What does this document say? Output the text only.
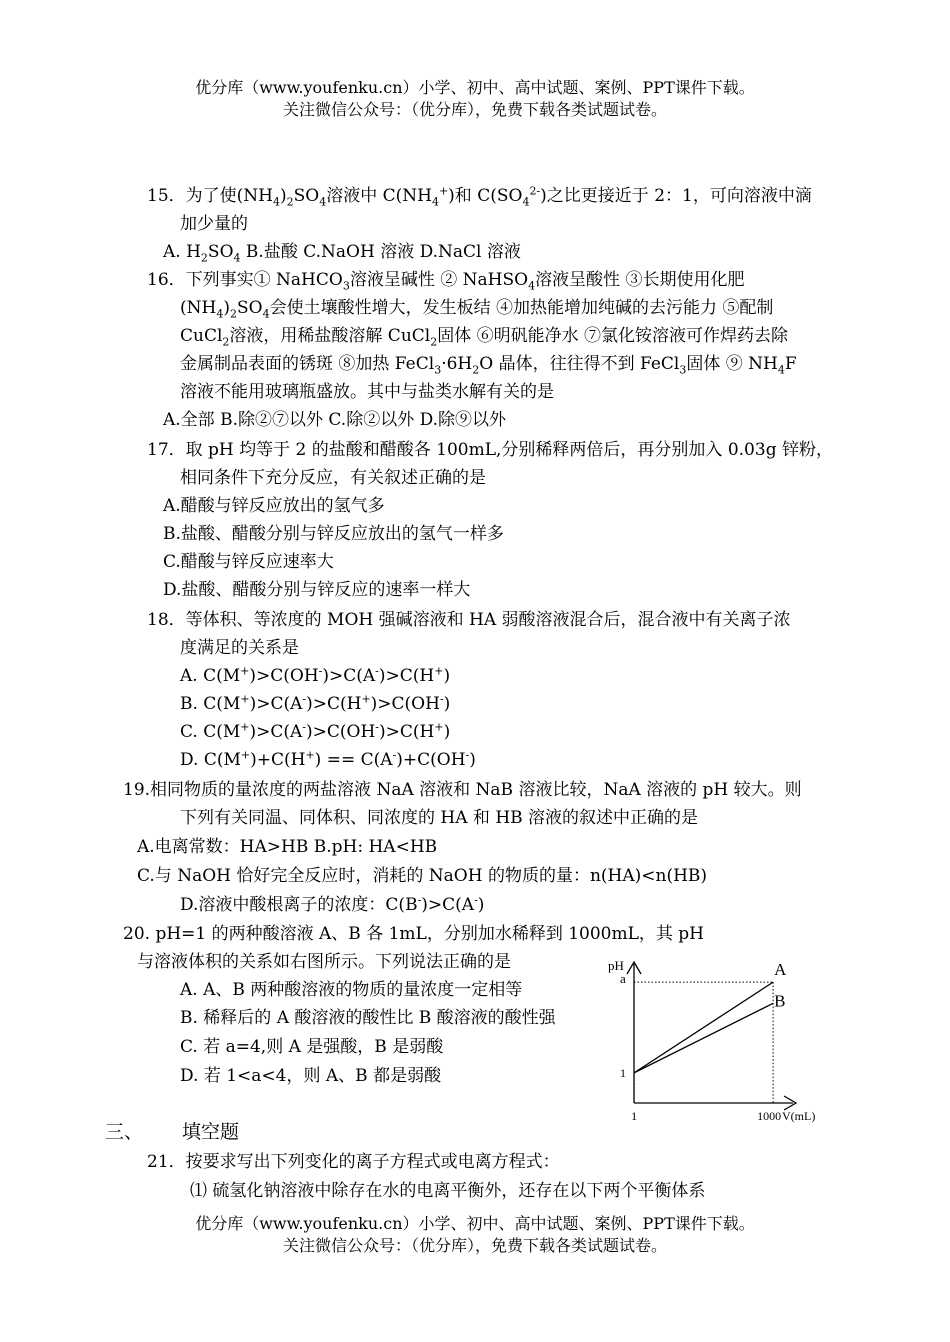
优分库（www.youfenku.cn）小学、初中、高中试题、案例、PPT课件下载。
关注微信公众号：（优分库），免费下载各类试题试卷。
15．为了使$(NH_4)_2SO_4$溶液中 $C(NH_4^+)$和 $C(SO_4^{2-})$之比更接近于 2：1，可向溶液中滴
加少量的
A. $H_2SO_4$ B.盐酸 C.NaOH 溶液 D.NaCl 溶液
16．下列事实① NaHCO$_3$溶液呈碱性 ② NaHSO$_4$溶液呈酸性 ③长期使用化肥
$(NH_4)_2SO_4$会使土壤酸性增大，发生板结 ④加热能增加纯碱的去污能力 ⑤配制
CuCl$_2$溶液，用稀盐酸溶解 CuCl$_2$固体 ⑥明矾能净水 ⑦氯化铵溶液可作焊药去除
金属制品表面的锈斑 ⑧加热 $FeCl_3\cdot 6H_2O$ 晶体，往往得不到 FeCl$_3$固体 ⑨ $NH_4F$
溶液不能用玻璃瓶盛放。其中与盐类水解有关的是
A.全部 B.除②⑦以外 C.除②以外 D.除⑨以外
17．取 pH 均等于 2 的盐酸和醋酸各 100mL,分别稀释两倍后，再分别加入 0.03g 锌粉，
相同条件下充分反应，有关叙述正确的是
A.醋酸与锌反应放出的氢气多
B.盐酸、醋酸分别与锌反应放出的氢气一样多
C.醋酸与锌反应速率大
D.盐酸、醋酸分别与锌反应的速率一样大
18．等体积、等浓度的 MOH 强碱溶液和 HA 弱酸溶液混合后，混合液中有关离子浓
度满足的关系是
A. C(M+)>C(OH-)>C(A-)>C(H+)
B. C(M+)>C(A-)>C(H+)>C(OH-)
C. C(M+)>C(A-)>C(OH-)>C(H+)
D. C(M+)+C(H+) == C(A-)+C(OH-)
19.相同物质的量浓度的两盐溶液 NaA 溶液和 NaB 溶液比较，NaA 溶液的 pH 较大。则
下列有关同温、同体积、同浓度的 HA 和 HB 溶液的叙述中正确的是
A.电离常数：HA>HB B.pH: HA<HB
C.与 NaOH 恰好完全反应时，消耗的 NaOH 的物质的量：n(HA)<n(HB)
D.溶液中酸根离子的浓度：C(B-)>C(A-)
20. pH=1 的两种酸溶液 A、B 各 1mL，分别加水稀释到 1000mL，其 pH
与溶液体积的关系如右图所示。下列说法正确的是
A. A、B 两种酸溶液的物质的量浓度一定相等
B. 稀释后的 A 酸溶液的酸性比 B 酸溶液的酸性强
C. 若 a=4,则 A 是强酸，B 是弱酸
D. 若 1<a<4，则 A、B 都是弱酸
pH
V(mL)
1	1000
1
a	A
B
三、 填空题
21．按要求写出下列变化的离子方程式或电离方程式：
⑴ 硫氢化钠溶液中除存在水的电离平衡外，还存在以下两个平衡体系
优分库（www.youfenku.cn）小学、初中、高中试题、案例、PPT课件下载。
关注微信公众号：（优分库），免费下载各类试题试卷。
